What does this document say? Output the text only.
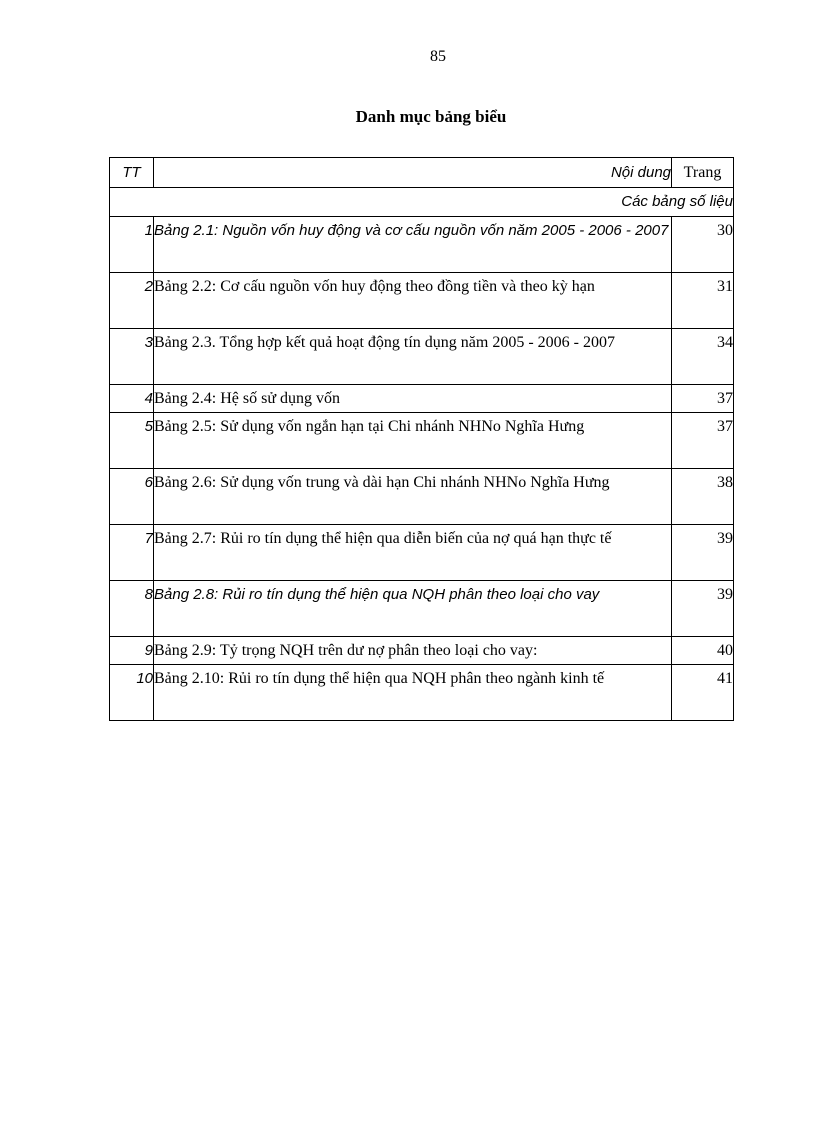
85
Danh mục bảng biểu
TT	Nội dung	Trang
Các bảng số liệu		
1	Bảng 2.1: Nguồn vốn huy động và cơ cấu nguồn vốn năm 2005 - 2006 - 2007	30
2	Bảng 2.2: Cơ cấu nguồn vốn huy động theo đồng tiền và theo kỳ hạn	31
3	Bảng 2.3. Tổng hợp kết quả hoạt động tín dụng năm 2005 - 2006 - 2007	34
4	Bảng 2.4: Hệ số sử dụng vốn	37
5	Bảng 2.5: Sử dụng vốn ngắn hạn tại Chi nhánh NHNo Nghĩa Hưng	37
6	Bảng 2.6: Sử dụng vốn trung và dài hạn Chi nhánh NHNo Nghĩa Hưng	38
7	Bảng 2.7: Rủi ro tín dụng thể hiện qua diễn biến của nợ quá hạn thực tế	39
8	Bảng 2.8: Rủi ro tín dụng thể hiện qua NQH phân theo loại cho vay	39
9	Bảng 2.9: Tỷ trọng NQH trên dư nợ phân theo loại cho vay:	40
10	Bảng 2.10: Rủi ro tín dụng thể hiện qua NQH phân theo ngành kinh tế	41
